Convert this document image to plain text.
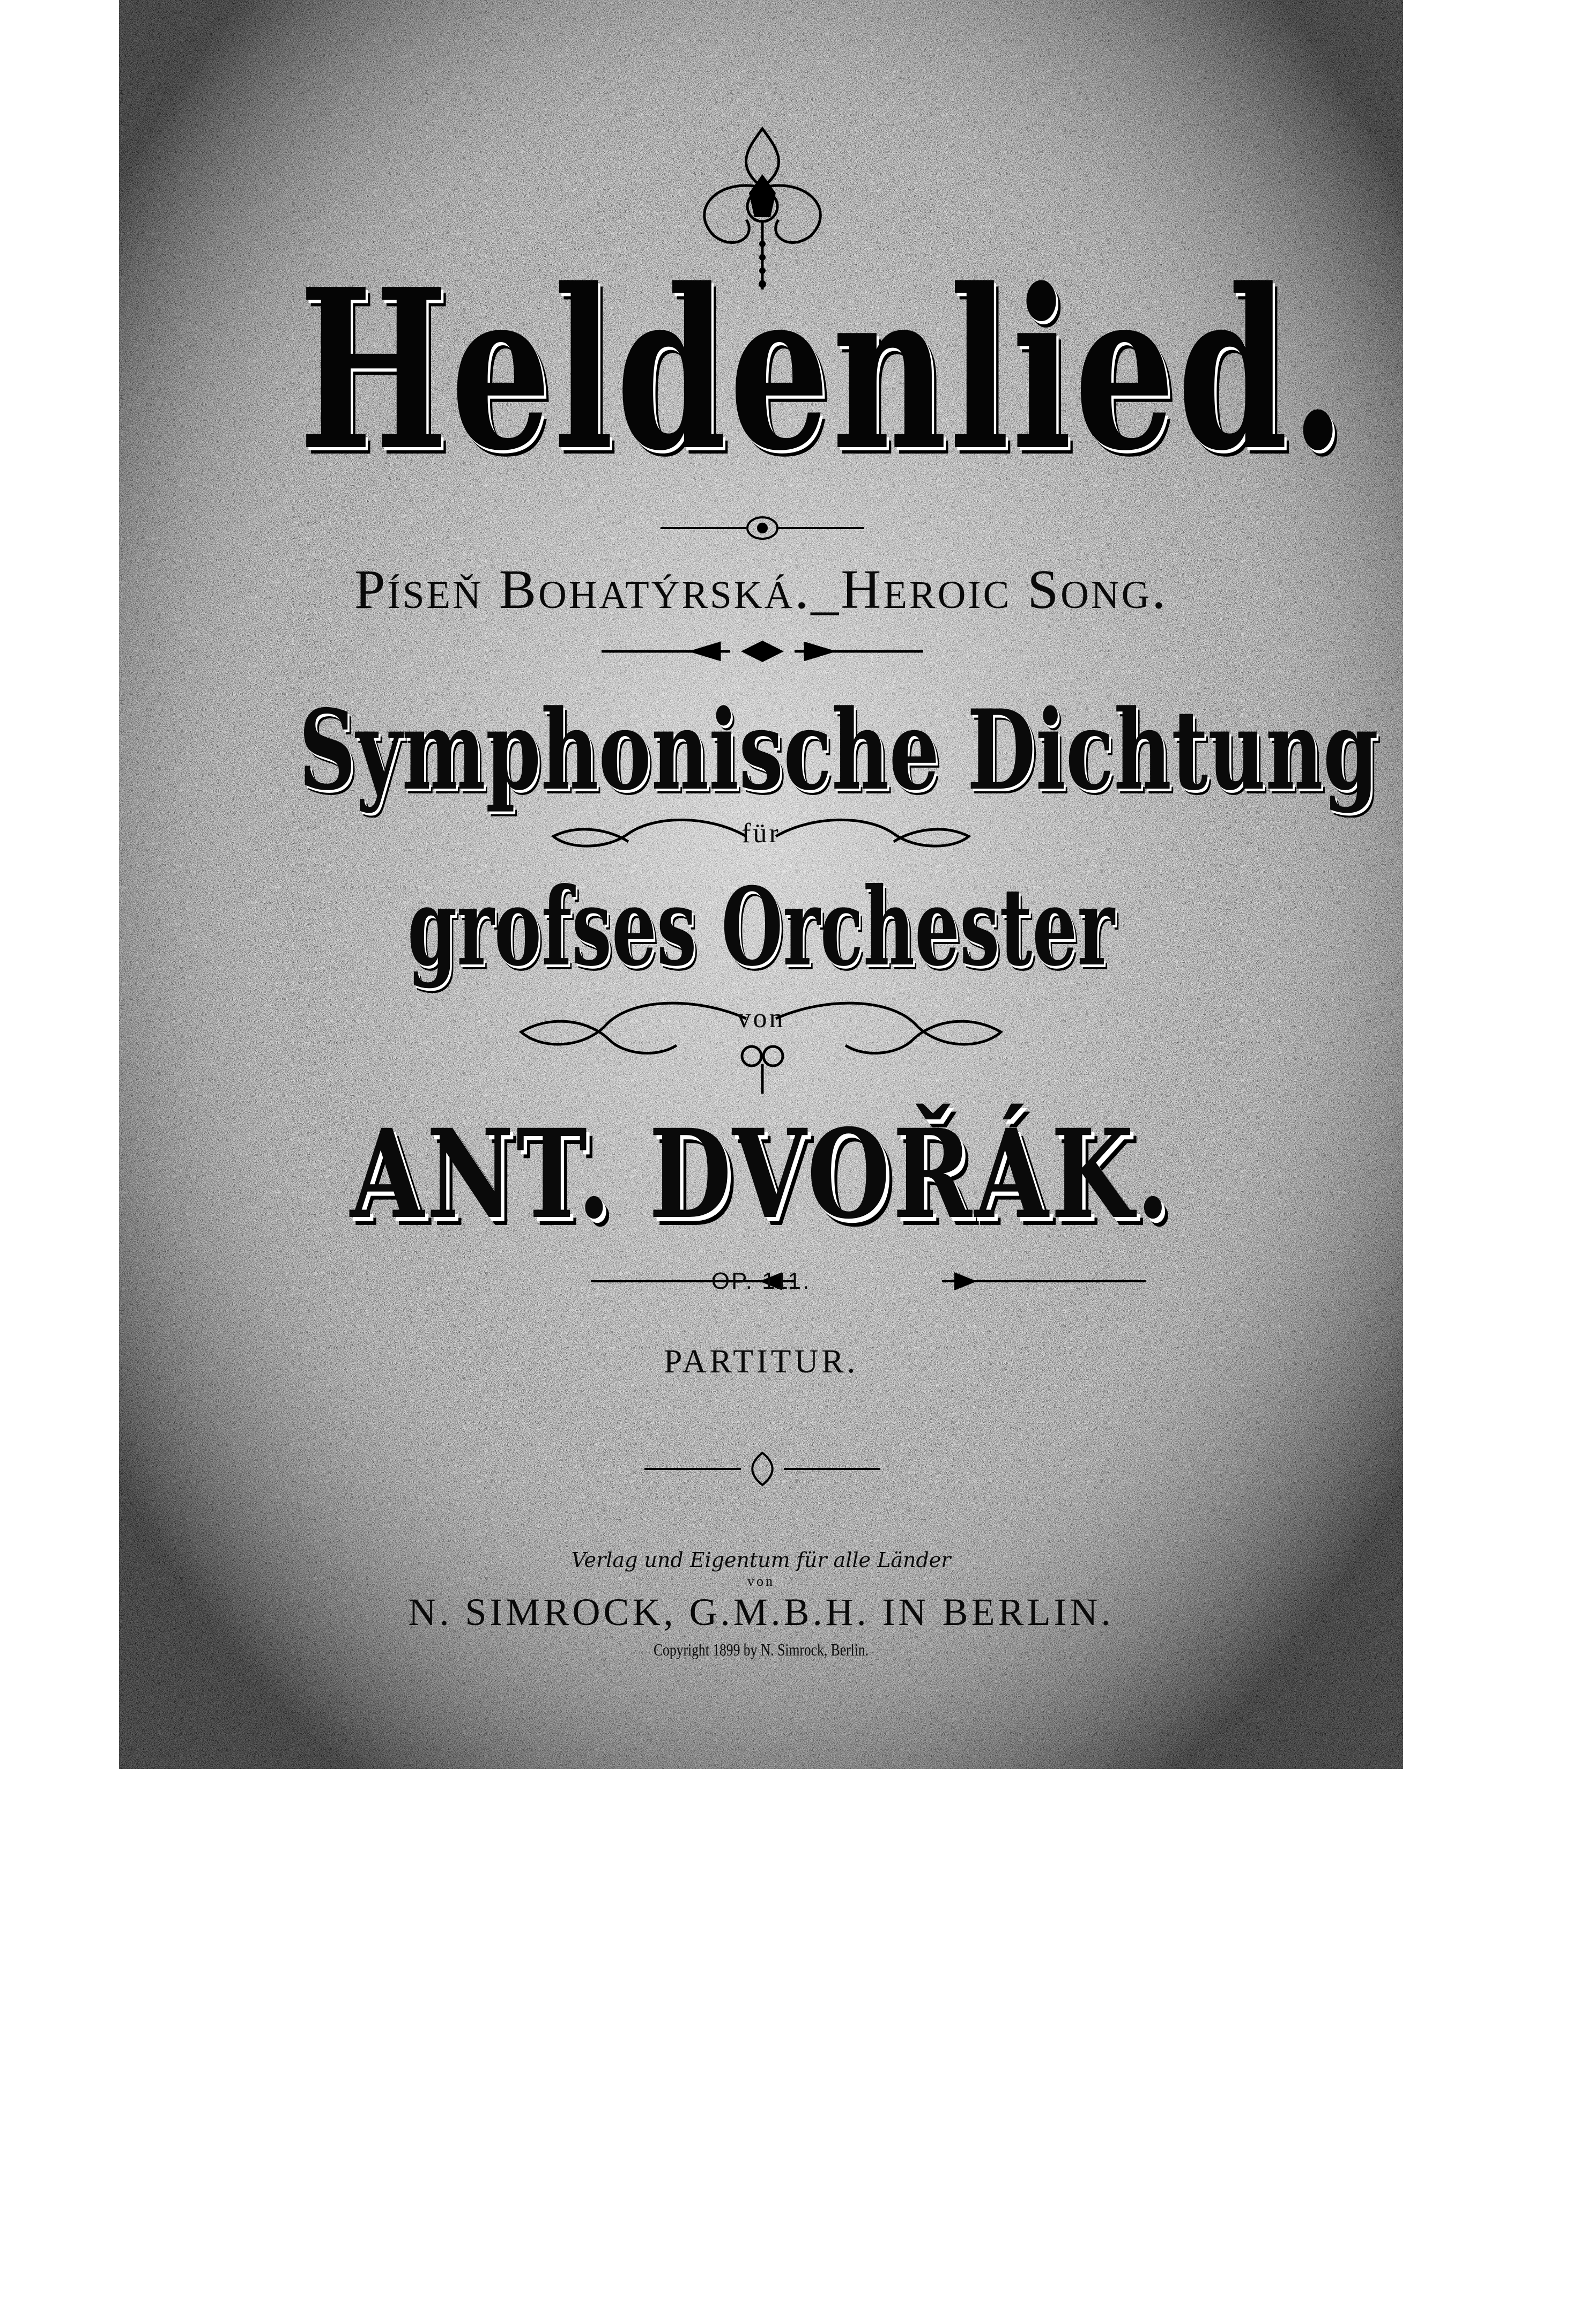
Heldenlied.
Píseň Bohatýrská._Heroic Song.
Symphonische Dichtung
für
grofses Orchester
von
ANT. DVOŘÁK.
OP. 111.
PARTITUR.
Verlag und Eigentum für alle Länder
von
N. SIMROCK, G.M.B.H. IN BERLIN.
Copyright 1899 by N. Simrock, Berlin.
